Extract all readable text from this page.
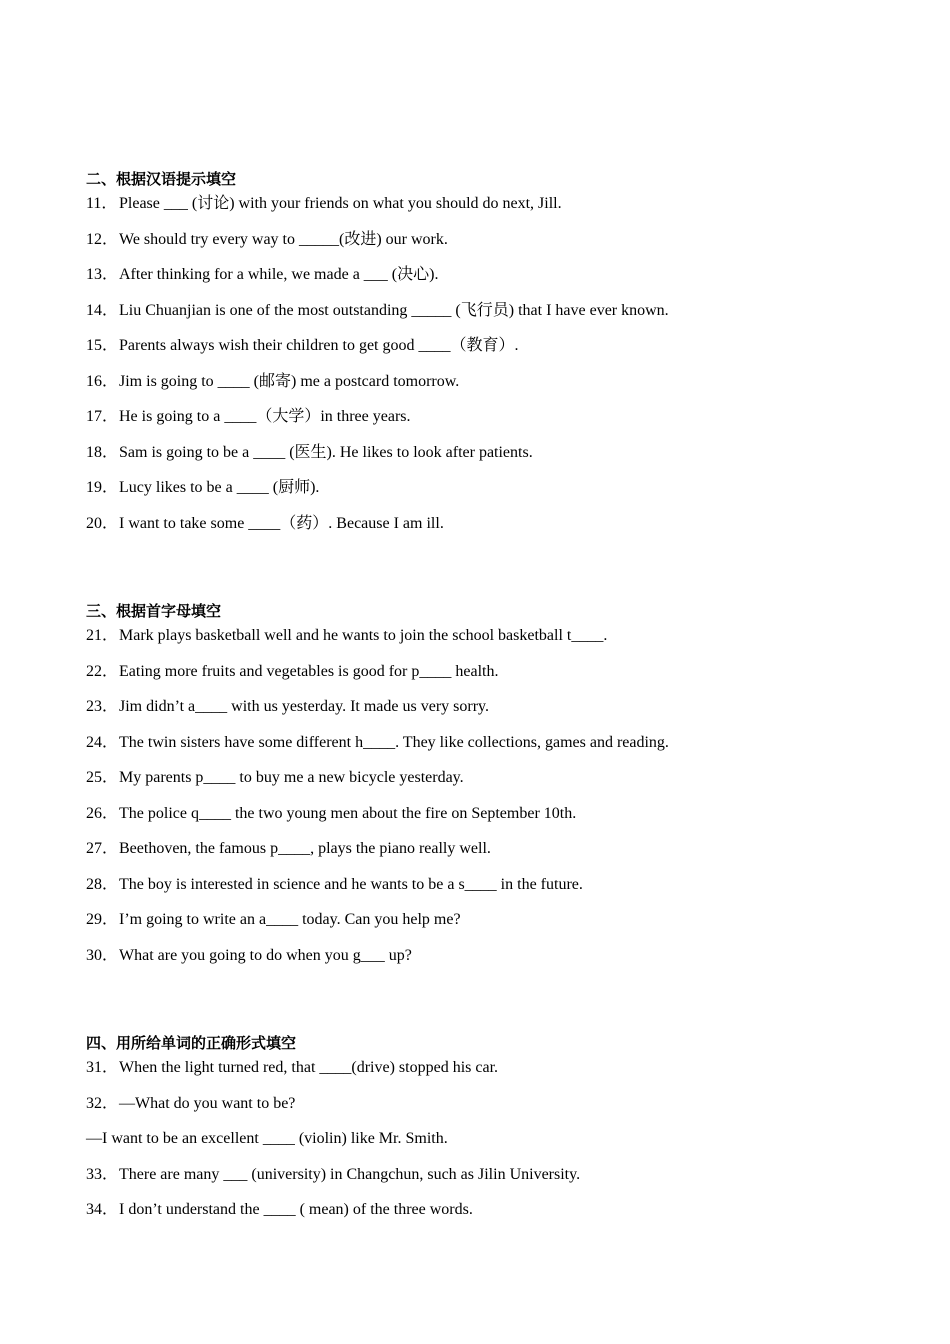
二、根据汉语提示填空
11． Please ___ (讨论) with your friends on what you should do next, Jill.
12． We should try every way to _____(改进) our work.
13． After thinking for a while, we made a ___ (决心).
14． Liu Chuanjian is one of the most outstanding _____ (飞行员) that I have ever known.
15． Parents always wish their children to get good ____（教育）.
16． Jim is going to ____ (邮寄) me a postcard tomorrow.
17． He is going to a ____（大学）in three years.
18． Sam is going to be a ____ (医生). He likes to look after patients.
19． Lucy likes to be a ____ (厨师).
20． I want to take some ____（药）. Because I am ill.
三、根据首字母填空
21． Mark plays basketball well and he wants to join the school basketball t____.
22． Eating more fruits and vegetables is good for p____ health.
23． Jim didn’t a____ with us yesterday. It made us very sorry.
24． The twin sisters have some different h____. They like collections, games and reading.
25． My parents p____ to buy me a new bicycle yesterday.
26． The police q____ the two young men about the fire on September 10th.
27． Beethoven, the famous p____, plays the piano really well.
28． The boy is interested in science and he wants to be a s____ in the future.
29． I’m going to write an a____ today. Can you help me?
30． What are you going to do when you g___ up?
四、用所给单词的正确形式填空
31． When the light turned red, that ____(drive) stopped his car.
32． —What do you want to be?
—I want to be an excellent ____ (violin) like Mr. Smith.
33． There are many ___ (university) in Changchun, such as Jilin University.
34． I don’t understand the ____ ( mean) of the three words.
